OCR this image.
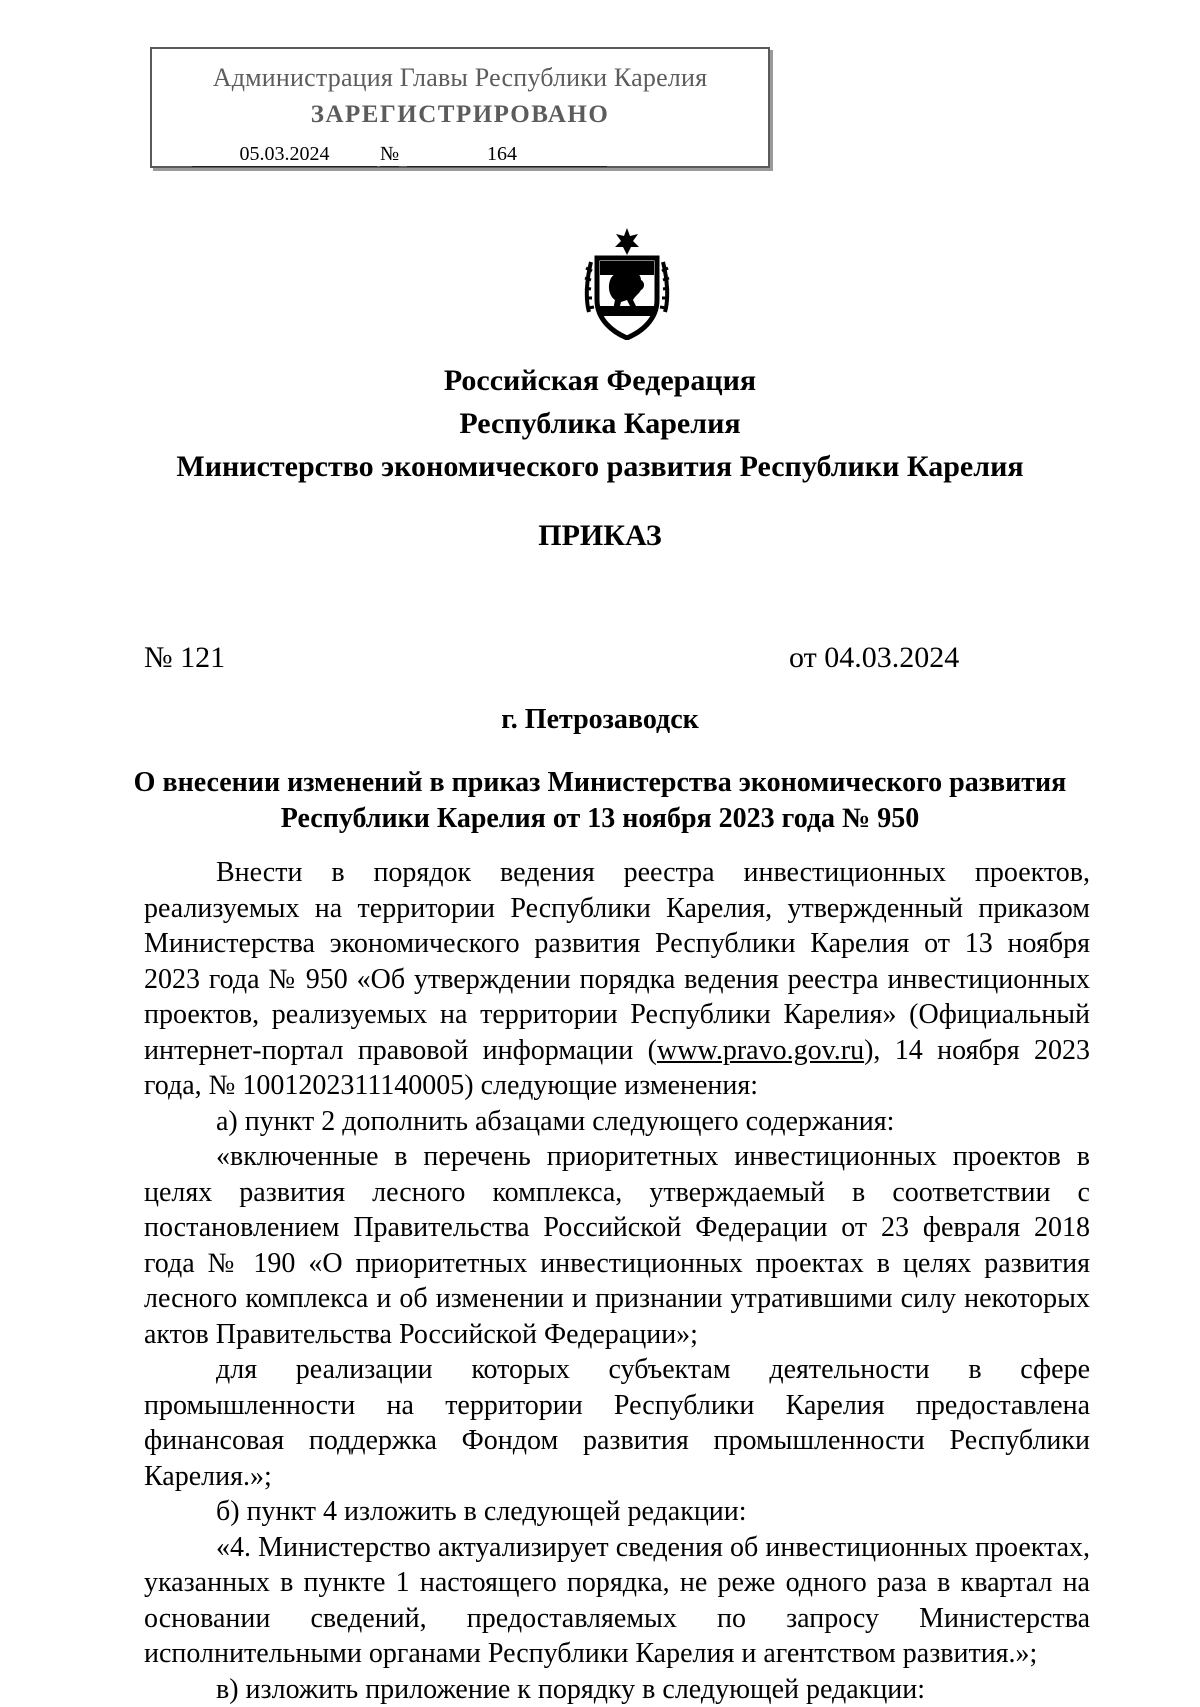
Администрация Главы Республики Карелия
ЗАРЕГИСТРИРОВАНО
05.03.2024	№	164
Российская Федерация
Республика Карелия
Министерство экономического развития Республики Карелия
ПРИКАЗ
№ 121	от 04.03.2024
г. Петрозаводск
О внесении изменений в приказ Министерства экономического развития
Республики Карелия от 13 ноября 2023 года № 950

Внести в порядок ведения реестра инвестиционных проектов, реализуемых на территории Республики Карелия, утвержденный приказом Министерства экономического развития Республики Карелия от 13 ноября 2023 года № 950 «Об утверждении порядка ведения реестра инвестиционных проектов, реализуемых на территории Республики Карелия» (Официальный интернет-портал правовой информации (www.pravo.gov.ru), 14 ноября 2023 года, № 1001202311140005) следующие изменения:

а) пункт 2 дополнить абзацами следующего содержания:

«включенные в перечень приоритетных инвестиционных проектов в целях развития лесного комплекса, утверждаемый в соответствии с постановлением Правительства Российской Федерации от 23 февраля 2018 года № 190 «О приоритетных инвестиционных проектах в целях развития лесного комплекса и об изменении и признании утратившими силу некоторых актов Правительства Российской Федерации»;

для реализации которых субъектам деятельности в сфере промышленности на территории Республики Карелия предоставлена финансовая поддержка Фондом развития промышленности Республики Карелия.»;

б) пункт 4 изложить в следующей редакции:

«4. Министерство актуализирует сведения об инвестиционных проектах, указанных в пункте 1 настоящего порядка, не реже одного раза в квартал на основании сведений, предоставляемых по запросу Министерства исполнительными органами Республики Карелия и агентством развития.»;

в) изложить приложение к порядку в следующей редакции:
